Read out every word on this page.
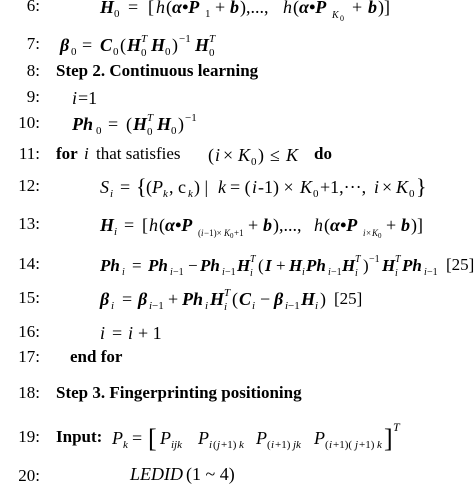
6:	H 0 = [ h ( α•P 1 + b ),..., h ( α•P K 0
+ b )]
7: β 0 = C 0 ( H T
0 H 0 ) −1 H T
0
8: Step 2. Continuous learning
9: i =1
10: Ph 0 = ( H T
0 H 0 ) −1
11: for i that satisfies ( i × K 0 ) ≤ K do
12:	S i = { ( P k , c k ) | k = ( i -1) × K 0 +1,···, i × K 0 }
13:	H i = [ h ( α•P ( i −1)× K 0 +1 + b ),..., h ( α•P i × K 0
+ b )]
14:	Ph i = Ph i −1 − Ph i −1 H T
i ( I + H i Ph i −1 H T
i ) −1 H T
i Ph i −1 [25]
15:	β i = β i −1 + Ph i H T
i ( C i − β i −1 H i ) [25]
16:	i = i + 1
17: end for
18: Step 3. Fingerprinting positioning
19: Input: P k = [ P ijk P i ( j +1) k P ( i +1) jk P ( i +1)( j +1) k ] T
20:	LEDID (1 ~ 4)
